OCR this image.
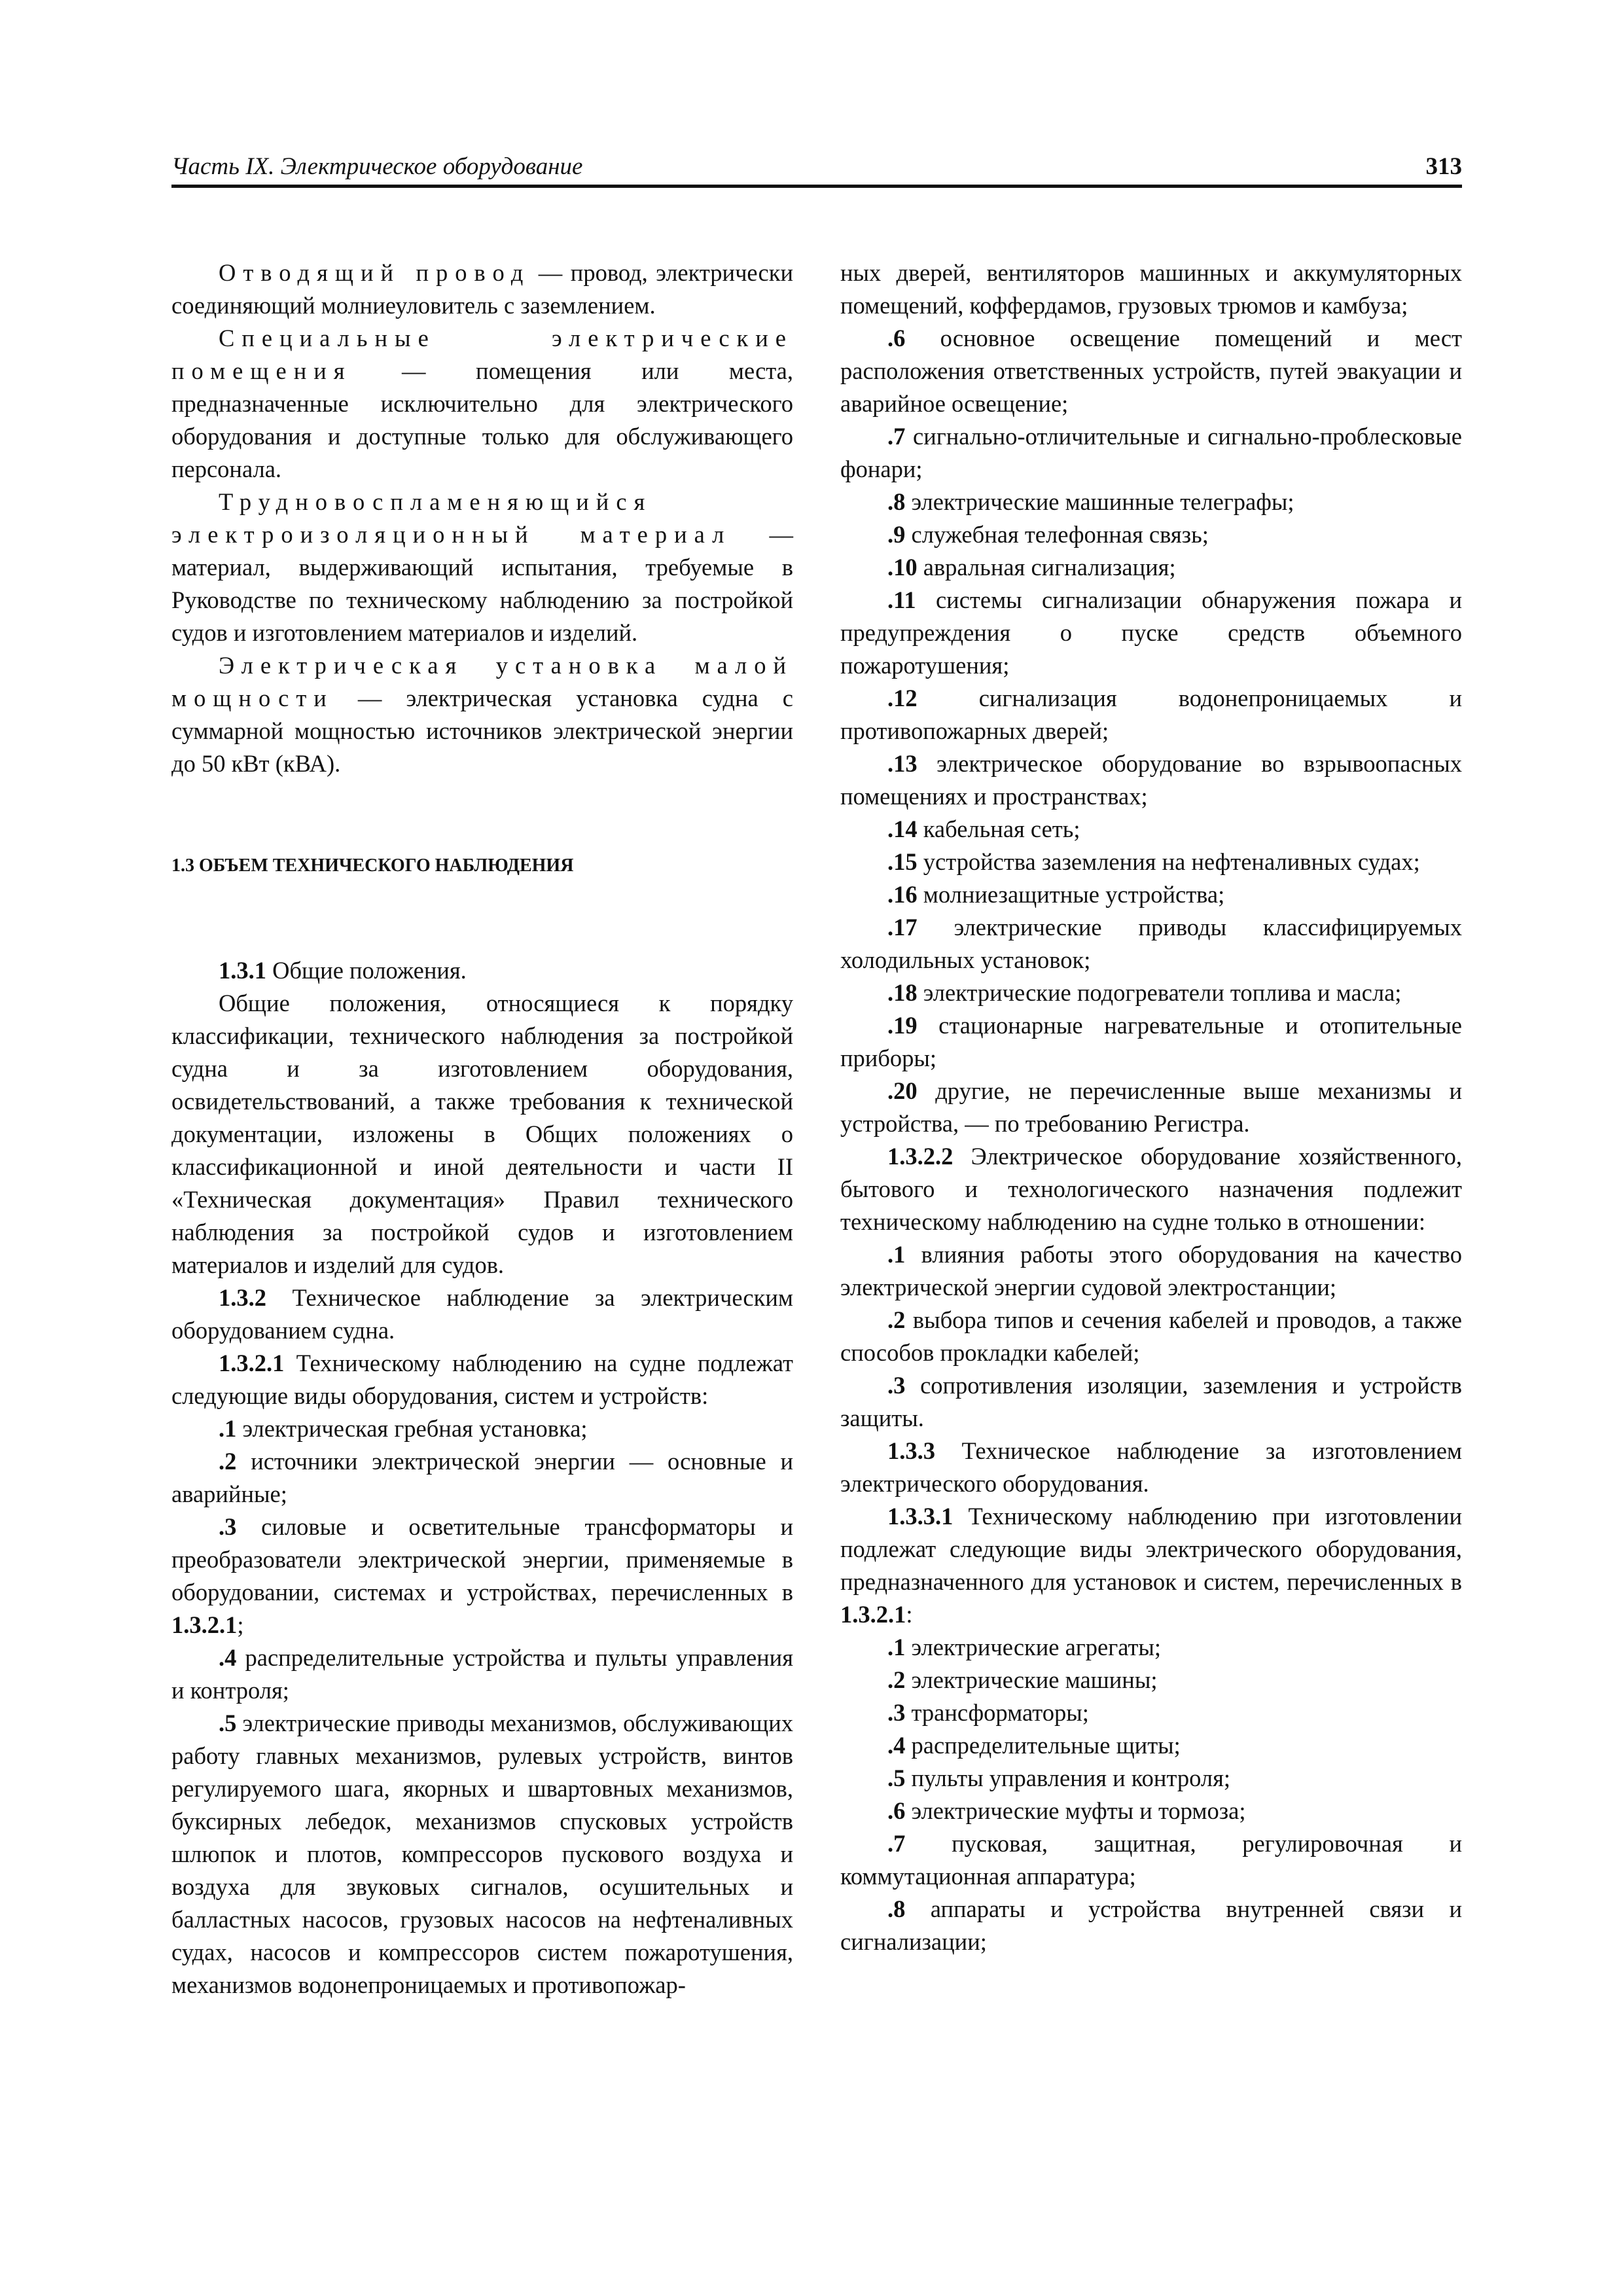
Часть IX. Электрическое оборудование	313

Отводящий провод — провод, электрически соединяющий молниеуловитель с заземлением.

Специальные электрические помещения — помещения или места, предназначенные исключительно для электрического оборудования и доступные только для обслуживающего персонала.

Трудновоспламеняющийся электроизоляционный материал — материал, выдерживающий испытания, требуемые в Руководстве по техническому наблюдению за постройкой судов и изготовлением материалов и изделий.

Электрическая установка малой мощности — электрическая установка судна с суммарной мощностью источников электрической энергии до 50 кВт (кВА).

1.3 ОБЪЕМ ТЕХНИЧЕСКОГО НАБЛЮДЕНИЯ

1.3.1 Общие положения.

Общие положения, относящиеся к порядку классификации, технического наблюдения за постройкой судна и за изготовлением оборудования, освидетельствований, а также требования к технической документации, изложены в Общих положениях о классификационной и иной деятельности и части II «Техническая документация» Правил технического наблюдения за постройкой судов и изготовлением материалов и изделий для судов.

1.3.2 Техническое наблюдение за электрическим оборудованием судна.

1.3.2.1 Техническому наблюдению на судне подлежат следующие виды оборудования, систем и устройств:

.1 электрическая гребная установка;

.2 источники электрической энергии — основные и аварийные;

.3 силовые и осветительные трансформаторы и преобразователи электрической энергии, применяемые в оборудовании, системах и устройствах, перечисленных в 1.3.2.1;

.4 распределительные устройства и пульты управления и контроля;

.5 электрические приводы механизмов, обслуживающих работу главных механизмов, рулевых устройств, винтов регулируемого шага, якорных и швартовных механизмов, буксирных лебедок, механизмов спусковых устройств шлюпок и плотов, компрессоров пускового воздуха и воздуха для звуковых сигналов, осушительных и балластных насосов, грузовых насосов на нефтеналивных судах, насосов и компрессоров систем пожаротушения, механизмов водонепроницаемых и противопожар-

ных дверей, вентиляторов машинных и аккумуляторных помещений, коффердамов, грузовых трюмов и камбуза;

.6 основное освещение помещений и мест расположения ответственных устройств, путей эвакуации и аварийное освещение;

.7 сигнально-отличительные и сигнально-проблесковые фонари;

.8 электрические машинные телеграфы;

.9 служебная телефонная связь;

.10 авральная сигнализация;

.11 системы сигнализации обнаружения пожара и предупреждения о пуске средств объемного пожаротушения;

.12 сигнализация водонепроницаемых и противопожарных дверей;

.13 электрическое оборудование во взрывоопасных помещениях и пространствах;

.14 кабельная сеть;

.15 устройства заземления на нефтеналивных судах;

.16 молниезащитные устройства;

.17 электрические приводы классифицируемых холодильных установок;

.18 электрические подогреватели топлива и масла;

.19 стационарные нагревательные и отопительные приборы;

.20 другие, не перечисленные выше механизмы и устройства, — по требованию Регистра.

1.3.2.2 Электрическое оборудование хозяйственного, бытового и технологического назначения подлежит техническому наблюдению на судне только в отношении:

.1 влияния работы этого оборудования на качество электрической энергии судовой электростанции;

.2 выбора типов и сечения кабелей и проводов, а также способов прокладки кабелей;

.3 сопротивления изоляции, заземления и устройств защиты.

1.3.3 Техническое наблюдение за изготовлением электрического оборудования.

1.3.3.1 Техническому наблюдению при изготовлении подлежат следующие виды электрического оборудования, предназначенного для установок и систем, перечисленных в 1.3.2.1:

.1 электрические агрегаты;

.2 электрические машины;

.3 трансформаторы;

.4 распределительные щиты;

.5 пульты управления и контроля;

.6 электрические муфты и тормоза;

.7 пусковая, защитная, регулировочная и коммутационная аппаратура;

.8 аппараты и устройства внутренней связи и сигнализации;
